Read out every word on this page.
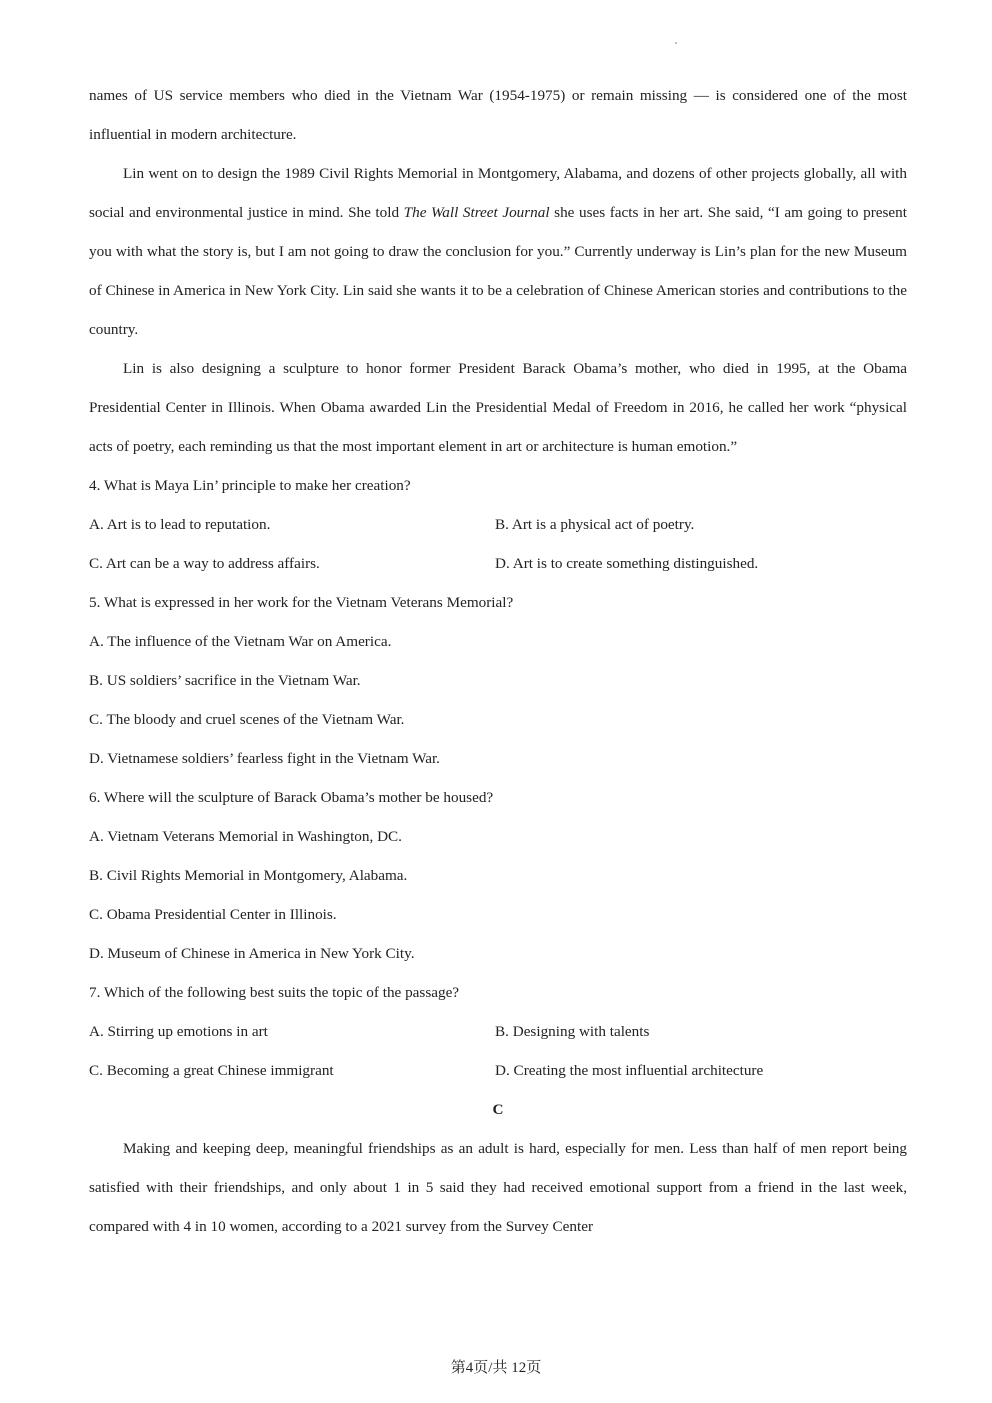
names of US service members who died in the Vietnam War (1954-1975) or remain missing — is considered one of the most influential in modern architecture.

Lin went on to design the 1989 Civil Rights Memorial in Montgomery, Alabama, and dozens of other projects globally, all with social and environmental justice in mind. She told The Wall Street Journal she uses facts in her art. She said, “I am going to present you with what the story is, but I am not going to draw the conclusion for you.” Currently underway is Lin’s plan for the new Museum of Chinese in America in New York City. Lin said she wants it to be a celebration of Chinese American stories and contributions to the country.

Lin is also designing a sculpture to honor former President Barack Obama’s mother, who died in 1995, at the Obama Presidential Center in Illinois. When Obama awarded Lin the Presidential Medal of Freedom in 2016, he called her work “physical acts of poetry, each reminding us that the most important element in art or architecture is human emotion.”

4. What is Maya Lin’ principle to make her creation?

A. Art is to lead to reputation.	B. Art is a physical act of poetry.
C. Art can be a way to address affairs.	D. Art is to create something distinguished.

5. What is expressed in her work for the Vietnam Veterans Memorial?

A. The influence of the Vietnam War on America.

B. US soldiers’ sacrifice in the Vietnam War.

C. The bloody and cruel scenes of the Vietnam War.

D. Vietnamese soldiers’ fearless fight in the Vietnam War.

6. Where will the sculpture of Barack Obama’s mother be housed?

A. Vietnam Veterans Memorial in Washington, DC.

B. Civil Rights Memorial in Montgomery, Alabama.

C. Obama Presidential Center in Illinois.

D. Museum of Chinese in America in New York City.

7. Which of the following best suits the topic of the passage?

A. Stirring up emotions in art	B. Designing with talents
C. Becoming a great Chinese immigrant	D. Creating the most influential architecture

C

Making and keeping deep, meaningful friendships as an adult is hard, especially for men. Less than half of men report being satisfied with their friendships, and only about 1 in 5 said they had received emotional support from a friend in the last week, compared with 4 in 10 women, according to a 2021 survey from the Survey Center

第4页/共 12页
